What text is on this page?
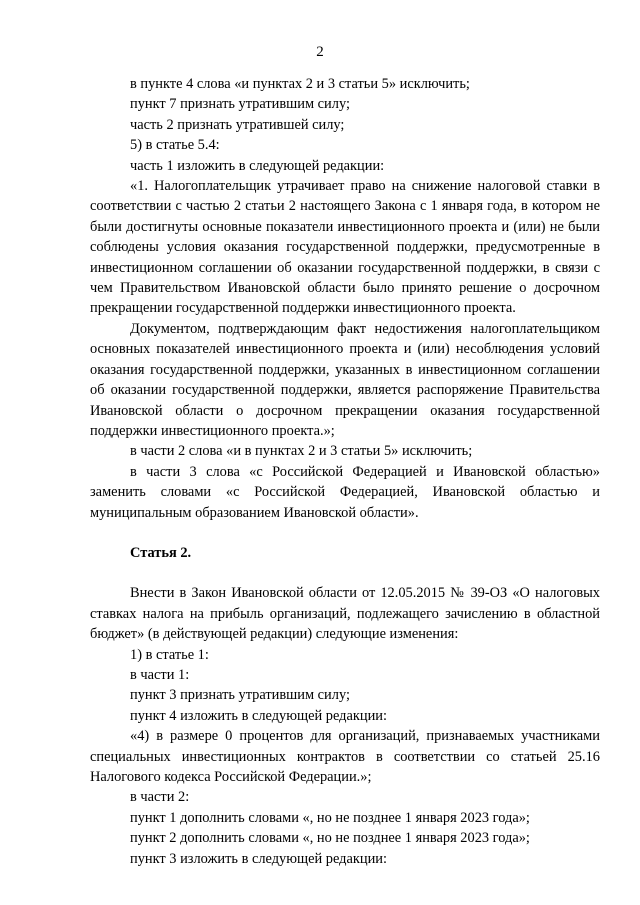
2

в пункте 4 слова «и пунктах 2 и 3 статьи 5» исключить;

пункт 7 признать утратившим силу;

часть 2 признать утратившей силу;

5) в статье 5.4:

часть 1 изложить в следующей редакции:

«1. Налогоплательщик утрачивает право на снижение налоговой ставки в соответствии с частью 2 статьи 2 настоящего Закона с 1 января года, в котором не были достигнуты основные показатели инвестиционного проекта и (или) не были соблюдены условия оказания государственной поддержки, предусмотренные в инвестиционном соглашении об оказании государственной поддержки, в связи с чем Правительством Ивановской области было принято решение о досрочном прекращении государственной поддержки инвестиционного проекта.

Документом, подтверждающим факт недостижения налогоплательщиком основных показателей инвестиционного проекта и (или) несоблюдения условий оказания государственной поддержки, указанных в инвестиционном соглашении об оказании государственной поддержки, является распоряжение Правительства Ивановской области о досрочном прекращении оказания государственной поддержки инвестиционного проекта.»;

в части 2 слова «и в пунктах 2 и 3 статьи 5» исключить;

в части 3 слова «с Российской Федерацией и Ивановской областью» заменить словами «с Российской Федерацией, Ивановской областью и муниципальным образованием Ивановской области».

Статья 2.

Внести в Закон Ивановской области от 12.05.2015 № 39-ОЗ «О налоговых ставках налога на прибыль организаций, подлежащего зачислению в областной бюджет» (в действующей редакции) следующие изменения:

1) в статье 1:

в части 1:

пункт 3 признать утратившим силу;

пункт 4 изложить в следующей редакции:

«4) в размере 0 процентов для организаций, признаваемых участниками специальных инвестиционных контрактов в соответствии со статьей 25.16 Налогового кодекса Российской Федерации.»;

в части 2:

пункт 1 дополнить словами «, но не позднее 1 января 2023 года»;

пункт 2 дополнить словами «, но не позднее 1 января 2023 года»;

пункт 3 изложить в следующей редакции:
